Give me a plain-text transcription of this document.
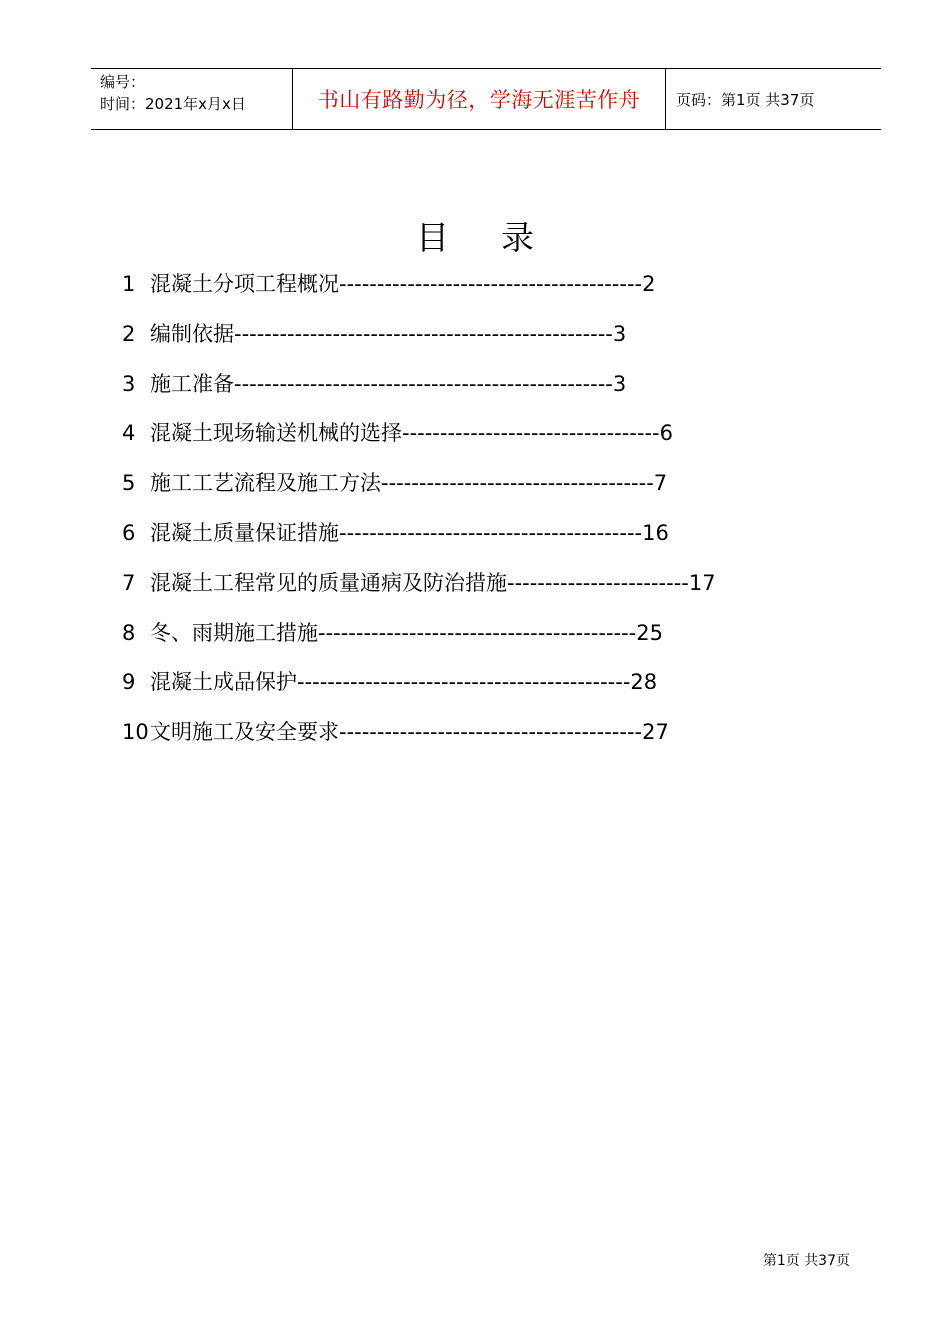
编号：
时间：2021年x月x日	书山有路勤为径，学海无涯苦作舟 页码：第1页 共37页
目录
1 混凝土分项工程概况----------------------------------------2
2 编制依据--------------------------------------------------3
3 施工准备--------------------------------------------------3
4 混凝土现场输送机械的选择----------------------------------6
5 施工工艺流程及施工方法------------------------------------7
6 混凝土质量保证措施----------------------------------------16
7 混凝土工程常见的质量通病及防治措施------------------------17
8 冬、雨期施工措施------------------------------------------25
9 混凝土成品保护--------------------------------------------28
10文明施工及安全要求----------------------------------------27
第1页 共37页
